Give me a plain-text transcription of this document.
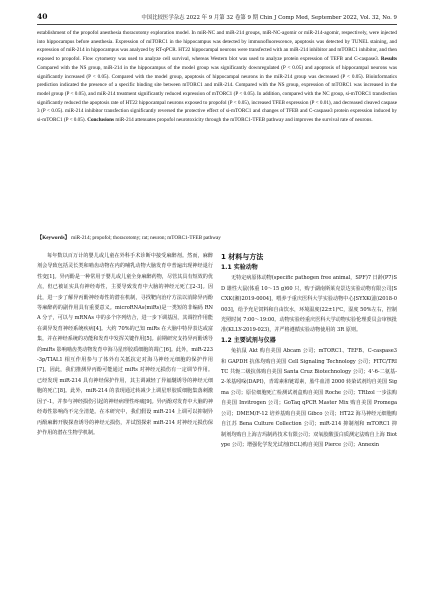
40	中国比较医学杂志 2022 年 9 月第 32 卷第 9 期 Chin J Comp Med, September 2022, Vol. 32, No. 9
establishment of the propofol anesthesia thoracotomy exploration model. In miR-NC and miR-214 groups, miR-NC-agomir or miR-214-agomir, respectively, were injected into hippocampus before anesthesia. Expression of miTORC1 in the hippocampus was detected by immunofluorescence, apoptosis was detected by TUNEL staining, and expression of miR-214 in hippocampus was analyzed by RT-qPCR. HT22 hippocampal neurons were transfected with an miR-214 inhibitor and mTORC1 inhibitor, and then exposed to propofol. Flow cytometry was used to analyze cell survival, whereas Western blot was used to analyze protein expression of TEFB and C-caspase3. Results Compared with the NS group, miR-214 in the hippocampus of the model group was significantly downregulated (P < 0.05) and apoptosis of hippocampal neurons was significantly increased (P < 0.05). Compared with the model group, apoptosis of hippocampal neurons in the miR-214 group was decreased (P < 0.05). Bioinformatics prediction indicated the presence of a specific binding site between mTORC1 and miR-214. Compared with the NS group, expression of mTORC1 was increased in the model group (P < 0.05), and miR-214 treatment significantly reduced expression of mTORC1 (P < 0.05). In addition, compared with the NC group, si-mTORC1 transfection significantly reduced the apoptosis rate of HT22 hippocampal neurons exposed to propofol (P < 0.05), increased TFEB expression (P < 0.01), and decreased cleaved caspase 3 (P < 0.05). miR-214 inhibitor transfection significantly reversed the protective effect of si-mTORC1 and changes of TFEB and C-caspase3 protein expression induced by si-mTORC1 (P < 0.05). Conclusions miR-214 attenuates propofol neurotoxicity through the mTORC1-TFEB pathway and improves the survival rate of neurons.
【Keywords】 miR-214; propofol; thoracotomy; rat; neuron; mTORC1-TFEB pathway

每年数以百万计的婴儿或儿童在外科手术诊断中接受麻醉剂。然而，麻醉剂会导致包括灵长类和啮齿动物在内的哺乳动物大脑发育中普遍出现神经退行性变[1]。异丙酚是一种常用于婴儿或儿童全身麻醉药物，尽管其具有短效的优点，但已被证实具有神经毒性，主要导致发育中大脑的神经元死亡[2-3]。因此，进一步了解异丙酚神经毒性的潜在机制，寻找靶向治疗方法以消除异丙酚等麻醉药的副作用具有重要意义。microRNAs(miRs)是一类短的非编码 RNA 分子，可以与 mRNAs 中的多个序列结合，进一步下调基因，其调控作用能在调异发育神经系统疾病[4]。大约 70%的已知 miRs 在大脑中特异表达或富集，并在神经系统的功能和发育中发挥关键作用[5]。前期研究支持异丙酚诱导的miRs 影响啮齿类动物发育中海马星形胶质细胞的凋亡[6]。此外，miR-223-3p/TIAL1 相互作用参与了体外有关抵抗定对海马神经元细胞的保护作用[7]。因此，我们推测异丙酚可能通过 miRs 对神经元损伤有一定调节作用。已经发现 miR-214 具有神经保护作用，其主调减轻了异氟醚诱导的神经元细胞的死亡[8]。此外，miR-214 的表现通过转减少上调星形胶质细胞集落刺激因子-1，并参与神经损伤引起的神经病理性疼痛[9]。异丙酚对发育中大脑的神经毒性影响尚不完全清楚。在本研究中，我们假设 miR-214 上调可以抑制异丙酚麻醉开腹探查诱导的神经元损伤，并试图探索 miR-214 对神经元损伤保护作用的潜在生物学机制。

1 材料与方法
1.1 实验动物

无特定病原体动物(specific pathogen free animal，SPF)7 日龄(P7)SD 雄性大鼠(体重 10～15 g)60 只，购于湖南斯莱克景达实验动物有限公司[SCXK(湘)2019-0004]，喂养于重庆医科大学实验动物中心[SYXK(渝)2018-0003]，给予充足饲料和自由饮水，环境温度(22±1)℃，湿度 50%左右，控制光照时间 7:00～19:00。动物实验经重庆医科大学动物实验伦理委员会审核批准(KLLY-2019-023)，并严格遵循实验动物使用的 3R 原则。

1.2 主要试剂与仪器

兔抗鼠 Akt 购自美国 Abcam 公司；mTORC1、TEFB、C-caspase3 和 GAPDH 抗体均购自美国 Cell Signaling Technology 公司；FITC/TRITC 共轭二级抗体购自美国 Santa Cruz Biotechnology 公司；4'-6-二氨基-2-苯基吲哚(DAPI)，青霉素和链霉素，胎牛血清 2000 转染试剂均自美国 Sigma 公司；原位细胞死亡检测试剂盒购自美国 Roche 公司；TRIzol 一步法购自美国 Invitrogen 公司；GoTaq qPCR Master Mix 购自美国 Promega 公司；DMEM/F-12 培养基购自美国 Gibco 公司；HT22 海马神经元细胞购自江苏 Bena Culture Collection 公司；miR-214 抑制剂和 mTORC1 抑制剂均购自上海吉玛制药技术有限公司；双氧胶酸蛋白质测定法购自上海 Biotype 公司；增强化学发光试剂(ECL)购自美国 Pierce 公司；Annexin
